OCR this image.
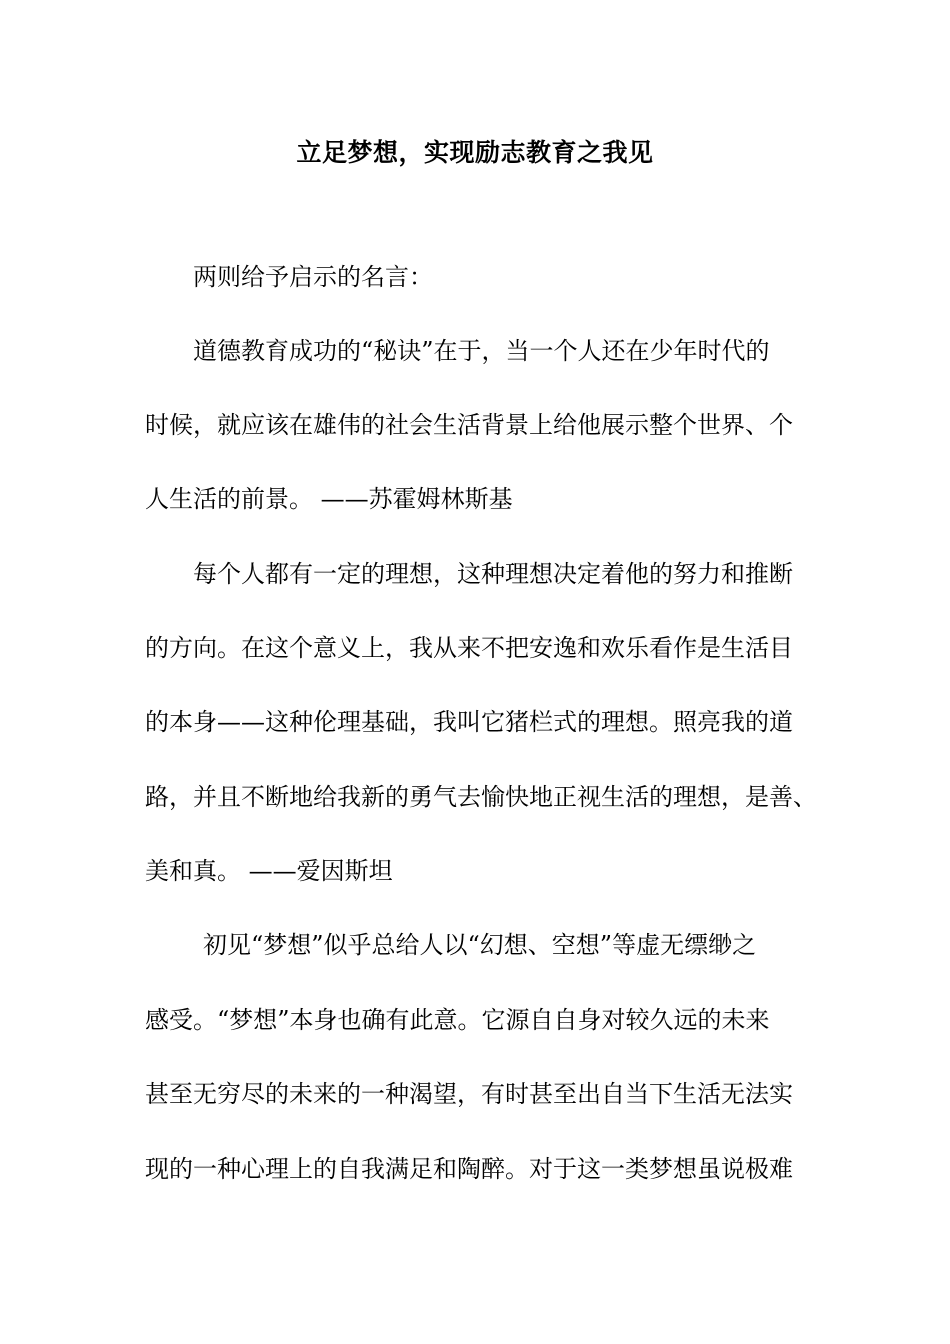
立足梦想，实现励志教育之我见
两则给予启示的名言：
道德教育成功的“秘诀”在于，当一个人还在少年时代的
时候，就应该在雄伟的社会生活背景上给他展示整个世界、个
人生活的前景。 ——苏霍姆林斯基
每个人都有一定的理想，这种理想决定着他的努力和推断
的方向。在这个意义上，我从来不把安逸和欢乐看作是生活目
的本身——这种伦理基础，我叫它猪栏式的理想。照亮我的道
路，并且不断地给我新的勇气去愉快地正视生活的理想，是善、
美和真。 ——爱因斯坦
初见“梦想”似乎总给人以“幻想、空想”等虚无缥缈之
感受。“梦想”本身也确有此意。它源自自身对较久远的未来
甚至无穷尽的未来的一种渴望，有时甚至出自当下生活无法实
现的一种心理上的自我满足和陶醉。对于这一类梦想虽说极难
